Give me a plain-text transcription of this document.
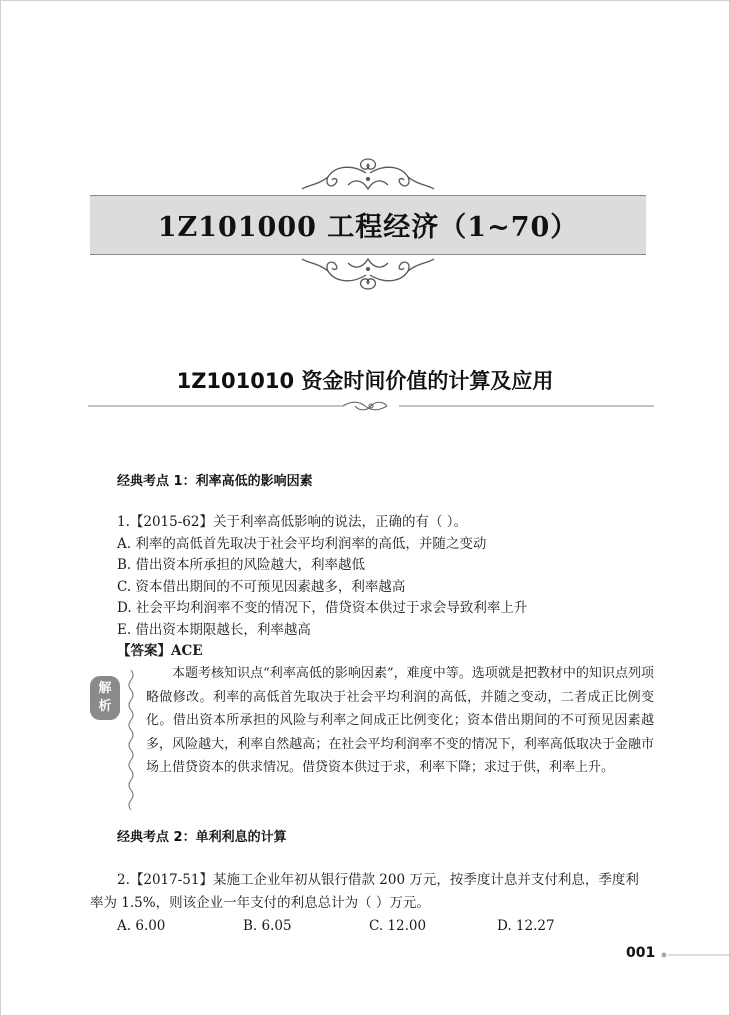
1Z101000 工程经济（1~70）
1Z101010 资金时间价值的计算及应用
经典考点 1：利率高低的影响因素
1.【2015-62】关于利率高低影响的说法，正确的有（ ）。
A. 利率的高低首先取决于社会平均利润率的高低，并随之变动
B. 借出资本所承担的风险越大，利率越低
C. 资本借出期间的不可预见因素越多，利率越高
D. 社会平均利润率不变的情况下，借贷资本供过于求会导致利率上升
E. 借出资本期限越长，利率越高
【答案】ACE
解
析

本题考核知识点“利率高低的影响因素”，难度中等。选项就是把教材中的知识点列项略做修改。利率的高低首先取决于社会平均利润的高低，并随之变动，二者成正比例变化。借出资本所承担的风险与利率之间成正比例变化；资本借出期间的不可预见因素越多，风险越大，利率自然越高；在社会平均利润率不变的情况下，利率高低取决于金融市场上借贷资本的供求情况。借贷资本供过于求，利率下降；求过于供，利率上升。

经典考点 2：单利利息的计算
2.【2017-51】某施工企业年初从银行借款 200 万元，按季度计息并支付利息，季度利
率为 1.5%，则该企业一年支付的利息总计为（ ）万元。
A. 6.00	B. 6.05	C. 12.00	D. 12.27
001
